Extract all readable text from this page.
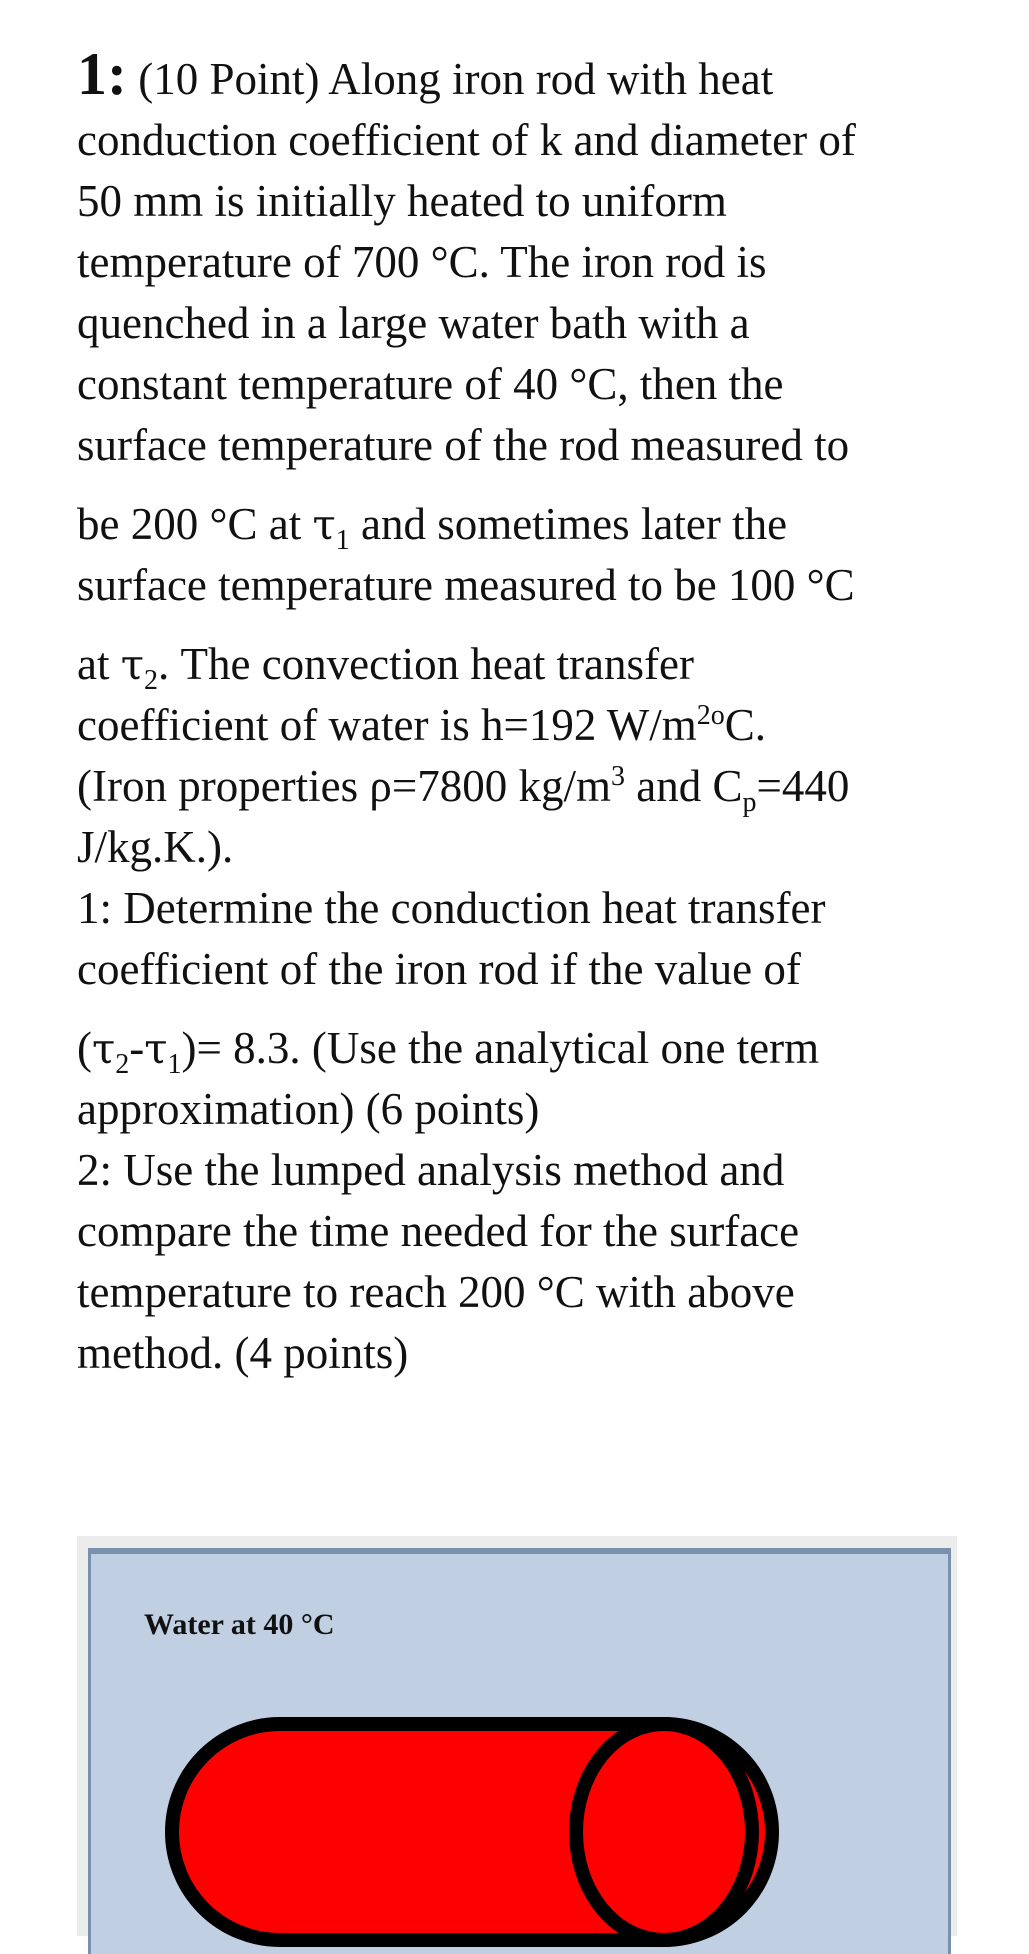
1: (10 Point) Along iron rod with heat
conduction coefficient of k and diameter of
50 mm is initially heated to uniform
temperature of 700 °C. The iron rod is
quenched in a large water bath with a
constant temperature of 40 °C, then the
surface temperature of the rod measured to
be 200 °C at $\tau_1$ and sometimes later the
surface temperature measured to be 100 °C
at $\tau_2$. The convection heat transfer
coefficient of water is h=192 $W/m^{2o}C$.
(Iron properties ρ=7800 $kg/m^3$ and $C_p=440$
J/kg.K.).
1: Determine the conduction heat transfer
coefficient of the iron rod if the value of
$(\tau_2-\tau_1)= 8.3$. (Use the analytical one term
approximation) (6 points)
2: Use the lumped analysis method and
compare the time needed for the surface
temperature to reach 200 °C with above
method. (4 points)
Water at 40 °C
